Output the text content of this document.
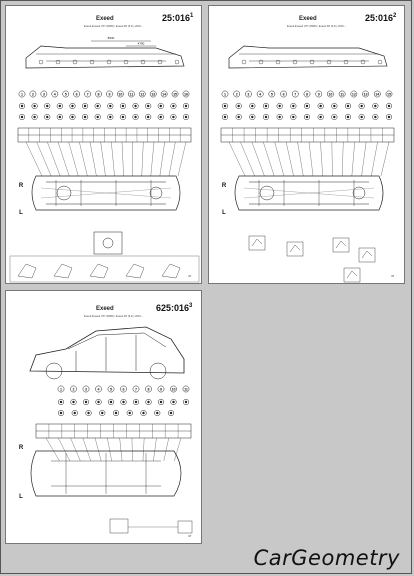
Exeed	$25:016^1$
Exeed Exseed VX7 (RWD) / Exeed RX (5 dr.) 2019 –
8530
4790
1 2 3 4 5 6 7 8 9 10 11 12 13 14 15 16
R
L
47
Exeed	$25:016^2$
Exeed Exseed VX7 (RWD) / Exeed RX (5 dr.) 2019 –
1	2	3	4	5	6	7	8	9 10 11 12 13 14 15
R
L
47
Exeed	$625:016^3$
Exeed Exseed VX7 (RWD) / Exeed RX (5 dr.) 2019 –
1	2	3	4	5	6	7	8	9	10 11
R
L
47
CarGeometry
